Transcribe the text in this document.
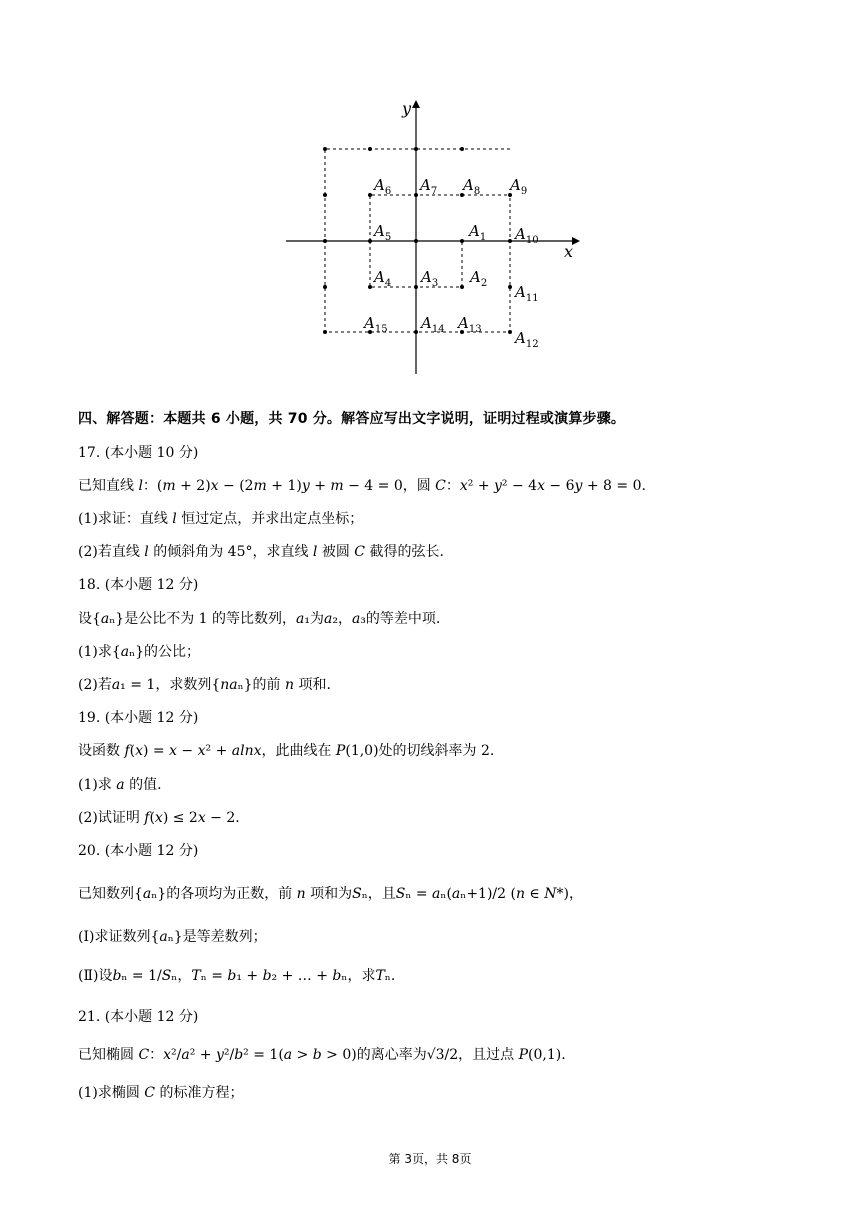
x
y
$A_1$
$A_2$
$A_3$
$A_4$
$A_5$
$A_6$ $A_7$ $A_8$ $A_9$
$A_{10}$
$A_{11}$
$A_{12}$
$A_{13}$
$A_{14}$
$A_{15}$
四、解答题：本题共 6 小题，共 70 分。解答应写出文字说明，证明过程或演算步骤。
17. (本小题 10 分)
已知直线 𝑙：(𝑚 + 2)𝑥 − (2𝑚 + 1)𝑦 + 𝑚 − 4 = 0，圆 𝐶：𝑥² + 𝑦² − 4𝑥 − 6𝑦 + 8 = 0.
(1)求证：直线 𝑙 恒过定点，并求出定点坐标；
(2)若直线 𝑙 的倾斜角为 45°，求直线 𝑙 被圆 𝐶 截得的弦长.
18. (本小题 12 分)
设{𝑎ₙ}是公比不为 1 的等比数列，𝑎₁为𝑎₂，𝑎₃的等差中项.
(1)求{𝑎ₙ}的公比；
(2)若𝑎₁ = 1，求数列{𝑛𝑎ₙ}的前 𝑛 项和.
19. (本小题 12 分)
设函数 𝑓(𝑥) = 𝑥 − 𝑥² + 𝑎𝑙𝑛𝑥，此曲线在 𝑃(1,0)处的切线斜率为 2.
(1)求 𝑎 的值.
(2)试证明 𝑓(𝑥) ≤ 2𝑥 − 2.
20. (本小题 12 分)
已知数列{𝑎ₙ}的各项均为正数，前 𝑛 项和为𝑆ₙ，且𝑆ₙ = 𝑎ₙ(𝑎ₙ+1)/2 (𝑛 ∈ 𝑁*)，
(Ⅰ)求证数列{𝑎ₙ}是等差数列；
(Ⅱ)设𝑏ₙ = 1/𝑆ₙ，𝑇ₙ = 𝑏₁ + 𝑏₂ + … + 𝑏ₙ，求𝑇ₙ.
21. (本小题 12 分)
已知椭圆 𝐶：𝑥²/𝑎² + 𝑦²/𝑏² = 1(𝑎 > 𝑏 > 0)的离心率为√3/2，且过点 𝑃(0,1).
(1)求椭圆 𝐶 的标准方程；
第 3页，共 8页
